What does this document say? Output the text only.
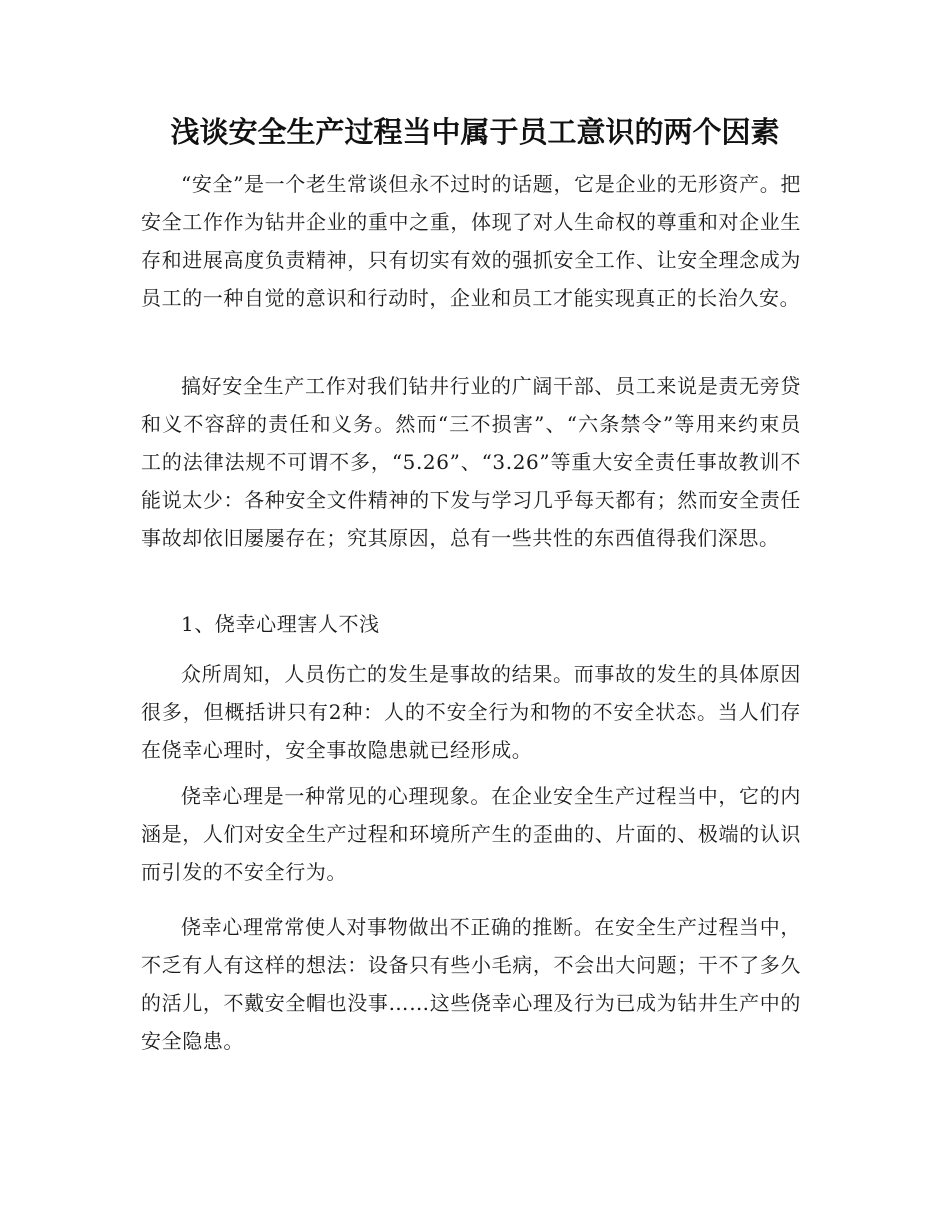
浅谈安全生产过程当中属于员工意识的两个因素

“安全”是一个老生常谈但永不过时的话题，它是企业的无形资产。把安全工作作为钻井企业的重中之重，体现了对人生命权的尊重和对企业生存和进展高度负责精神，只有切实有效的强抓安全工作、让安全理念成为员工的一种自觉的意识和行动时，企业和员工才能实现真正的长治久安。

搞好安全生产工作对我们钻井行业的广阔干部、员工来说是责无旁贷和义不容辞的责任和义务。然而“三不损害”、“六条禁令”等用来约束员工的法律法规不可谓不多，“5.26”、“3.26”等重大安全责任事故教训不能说太少：各种安全文件精神的下发与学习几乎每天都有；然而安全责任事故却依旧屡屡存在；究其原因，总有一些共性的东西值得我们深思。

1、侥幸心理害人不浅

众所周知，人员伤亡的发生是事故的结果。而事故的发生的具体原因很多，但概括讲只有2种：人的不安全行为和物的不安全状态。当人们存在侥幸心理时，安全事故隐患就已经形成。

侥幸心理是一种常见的心理现象。在企业安全生产过程当中，它的内涵是，人们对安全生产过程和环境所产生的歪曲的、片面的、极端的认识而引发的不安全行为。

侥幸心理常常使人对事物做出不正确的推断。在安全生产过程当中，不乏有人有这样的想法：设备只有些小毛病，不会出大问题；干不了多久的活儿，不戴安全帽也没事……这些侥幸心理及行为已成为钻井生产中的安全隐患。
